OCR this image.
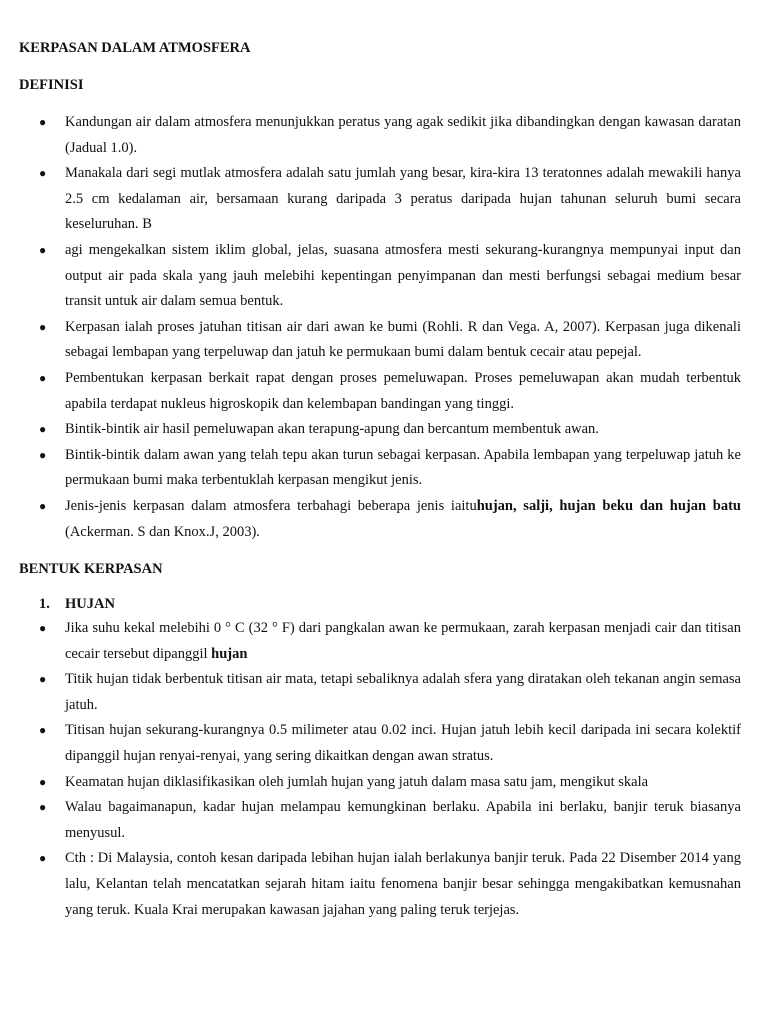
KERPASAN DALAM ATMOSFERA

DEFINISI

● Kandungan air dalam atmosfera menunjukkan peratus yang agak sedikit jika dibandingkan dengan kawasan daratan (Jadual 1.0).
● Manakala dari segi mutlak atmosfera adalah satu jumlah yang besar, kira-kira 13 teratonnes adalah mewakili hanya 2.5 cm kedalaman air, bersamaan kurang daripada 3 peratus daripada hujan tahunan seluruh bumi secara keseluruhan. B
● agi mengekalkan sistem iklim global, jelas, suasana atmosfera mesti sekurang-kurangnya mempunyai input dan output air pada skala yang jauh melebihi kepentingan penyimpanan dan mesti berfungsi sebagai medium besar transit untuk air dalam semua bentuk.
● Kerpasan ialah proses jatuhan titisan air dari awan ke bumi (Rohli. R dan Vega. A, 2007). Kerpasan juga dikenali sebagai lembapan yang terpeluwap dan jatuh ke permukaan bumi dalam bentuk cecair atau pepejal.
● Pembentukan kerpasan berkait rapat dengan proses pemeluwapan. Proses pemeluwapan akan mudah terbentuk apabila terdapat nukleus higroskopik dan kelembapan bandingan yang tinggi.
● Bintik-bintik air hasil pemeluwapan akan terapung-apung dan bercantum membentuk awan.
● Bintik-bintik dalam awan yang telah tepu akan turun sebagai kerpasan. Apabila lembapan yang terpeluwap jatuh ke permukaan bumi maka terbentuklah kerpasan mengikut jenis.
● Jenis-jenis kerpasan dalam atmosfera terbahagi beberapa jenis iaituhujan, salji, hujan beku dan hujan batu (Ackerman. S dan Knox.J, 2003).

BENTUK KERPASAN

1. HUJAN
● Jika suhu kekal melebihi 0 ° C (32 ° F) dari pangkalan awan ke permukaan, zarah kerpasan menjadi cair dan titisan cecair tersebut dipanggil hujan
● Titik hujan tidak berbentuk titisan air mata, tetapi sebaliknya adalah sfera yang diratakan oleh tekanan angin semasa jatuh.
● Titisan hujan sekurang-kurangnya 0.5 milimeter atau 0.02 inci. Hujan jatuh lebih kecil daripada ini secara kolektif dipanggil hujan renyai-renyai, yang sering dikaitkan dengan awan stratus.
● Keamatan hujan diklasifikasikan oleh jumlah hujan yang jatuh dalam masa satu jam, mengikut skala
● Walau bagaimanapun, kadar hujan melampau kemungkinan berlaku. Apabila ini berlaku, banjir teruk biasanya menyusul.
● Cth : Di Malaysia, contoh kesan daripada lebihan hujan ialah berlakunya banjir teruk. Pada 22 Disember 2014 yang lalu, Kelantan telah mencatatkan sejarah hitam iaitu fenomena banjir besar sehingga mengakibatkan kemusnahan yang teruk. Kuala Krai merupakan kawasan jajahan yang paling teruk terjejas.
